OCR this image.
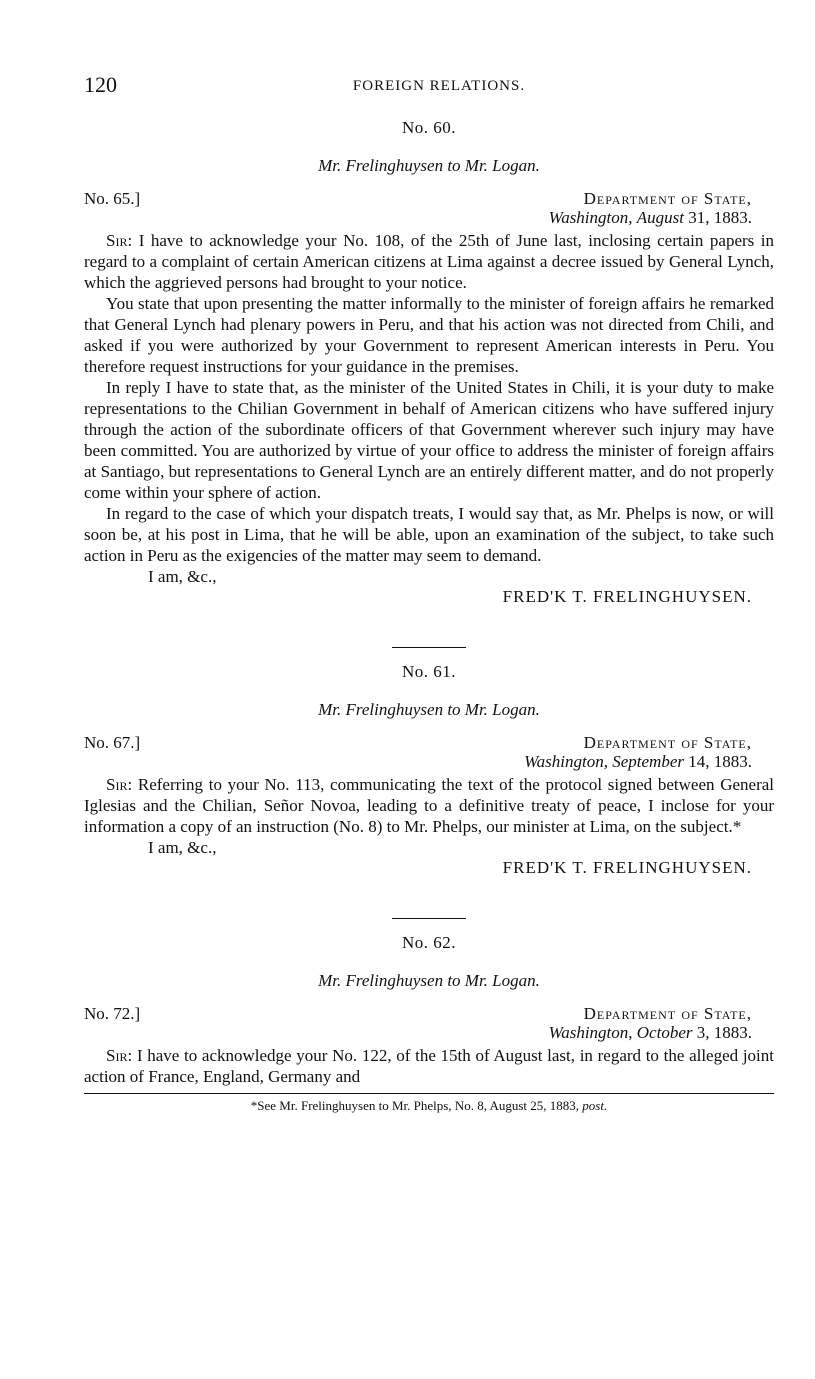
120	FOREIGN RELATIONS.
No. 60.
Mr. Frelinghuysen to Mr. Logan.
No. 65.]	Department of State,
Washington, August 31, 1883.

Sir: I have to acknowledge your No. 108, of the 25th of June last, inclosing certain papers in regard to a complaint of certain American citizens at Lima against a decree issued by General Lynch, which the aggrieved persons had brought to your notice.

You state that upon presenting the matter informally to the minister of foreign affairs he remarked that General Lynch had plenary powers in Peru, and that his action was not directed from Chili, and asked if you were authorized by your Government to represent American interests in Peru. You therefore request instructions for your guidance in the premises.

In reply I have to state that, as the minister of the United States in Chili, it is your duty to make representations to the Chilian Government in behalf of American citizens who have suffered injury through the action of the subordinate officers of that Government wherever such injury may have been committed. You are authorized by virtue of your office to address the minister of foreign affairs at Santiago, but representations to General Lynch are an entirely different matter, and do not properly come within your sphere of action.

In regard to the case of which your dispatch treats, I would say that, as Mr. Phelps is now, or will soon be, at his post in Lima, that he will be able, upon an examination of the subject, to take such action in Peru as the exigencies of the matter may seem to demand.

I am, &c.,
FRED'K T. FRELINGHUYSEN.
No. 61.
Mr. Frelinghuysen to Mr. Logan.
No. 67.]	Department of State,
Washington, September 14, 1883.

Sir: Referring to your No. 113, communicating the text of the protocol signed between General Iglesias and the Chilian, Señor Novoa, leading to a definitive treaty of peace, I inclose for your information a copy of an instruction (No. 8) to Mr. Phelps, our minister at Lima, on the subject.*

I am, &c.,
FRED'K T. FRELINGHUYSEN.
No. 62.
Mr. Frelinghuysen to Mr. Logan.
No. 72.]	Department of State,
Washington, October 3, 1883.

Sir: I have to acknowledge your No. 122, of the 15th of August last, in regard to the alleged joint action of France, England, Germany and

*See Mr. Frelinghuysen to Mr. Phelps, No. 8, August 25, 1883, post.
